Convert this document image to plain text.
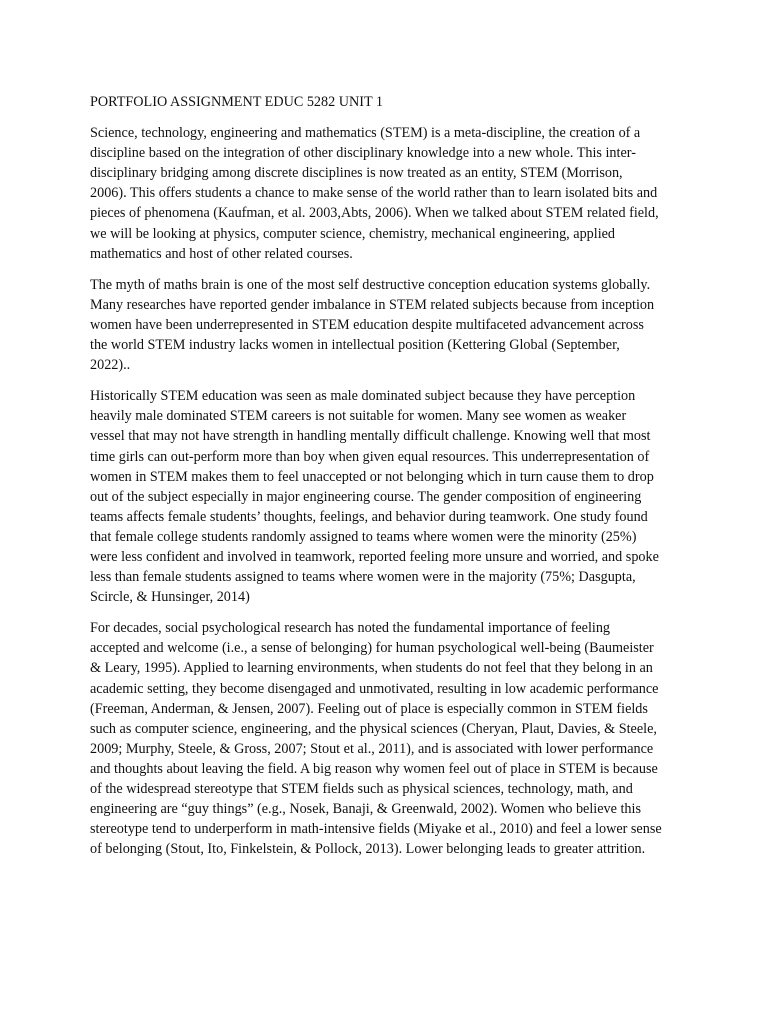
PORTFOLIO ASSIGNMENT EDUC 5282 UNIT 1

Science, technology, engineering and mathematics (STEM) is a meta-discipline, the creation of a discipline based on the integration of other disciplinary knowledge into a new whole. This inter-disciplinary bridging among discrete disciplines is now treated as an entity, STEM (Morrison, 2006). This offers students a chance to make sense of the world rather than to learn isolated bits and pieces of phenomena (Kaufman, et al. 2003,Abts, 2006). When we talked about STEM related field, we will be looking at physics, computer science, chemistry, mechanical engineering, applied mathematics and host of other related courses.

The myth of maths brain is one of the most self destructive conception education systems globally. Many researches have reported gender imbalance in STEM related subjects because from inception women have been underrepresented in STEM education despite multifaceted advancement across the world STEM industry lacks women in intellectual position (Kettering Global (September, 2022)..

Historically STEM education was seen as male dominated subject because they have perception heavily male dominated STEM careers is not suitable for women. Many see women as weaker vessel that may not have strength in handling mentally difficult challenge. Knowing well that most time girls can out-perform more than boy when given equal resources. This underrepresentation of women in STEM makes them to feel unaccepted or not belonging which in turn cause them to drop out of the subject especially in major engineering course. The gender composition of engineering teams affects female students’ thoughts, feelings, and behavior during teamwork. One study found that female college students randomly assigned to teams where women were the minority (25%) were less confident and involved in teamwork, reported feeling more unsure and worried, and spoke less than female students assigned to teams where women were in the majority (75%; Dasgupta, Scircle, & Hunsinger, 2014)

For decades, social psychological research has noted the fundamental importance of feeling accepted and welcome (i.e., a sense of belonging) for human psychological well-being (Baumeister & Leary, 1995). Applied to learning environments, when students do not feel that they belong in an academic setting, they become disengaged and unmotivated, resulting in low academic performance (Freeman, Anderman, & Jensen, 2007). Feeling out of place is especially common in STEM fields such as computer science, engineering, and the physical sciences (Cheryan, Plaut, Davies, & Steele, 2009; Murphy, Steele, & Gross, 2007; Stout et al., 2011), and is associated with lower performance and thoughts about leaving the field. A big reason why women feel out of place in STEM is because of the widespread stereotype that STEM fields such as physical sciences, technology, math, and engineering are “guy things” (e.g., Nosek, Banaji, & Greenwald, 2002). Women who believe this stereotype tend to underperform in math-intensive fields (Miyake et al., 2010) and feel a lower sense of belonging (Stout, Ito, Finkelstein, & Pollock, 2013). Lower belonging leads to greater attrition.
